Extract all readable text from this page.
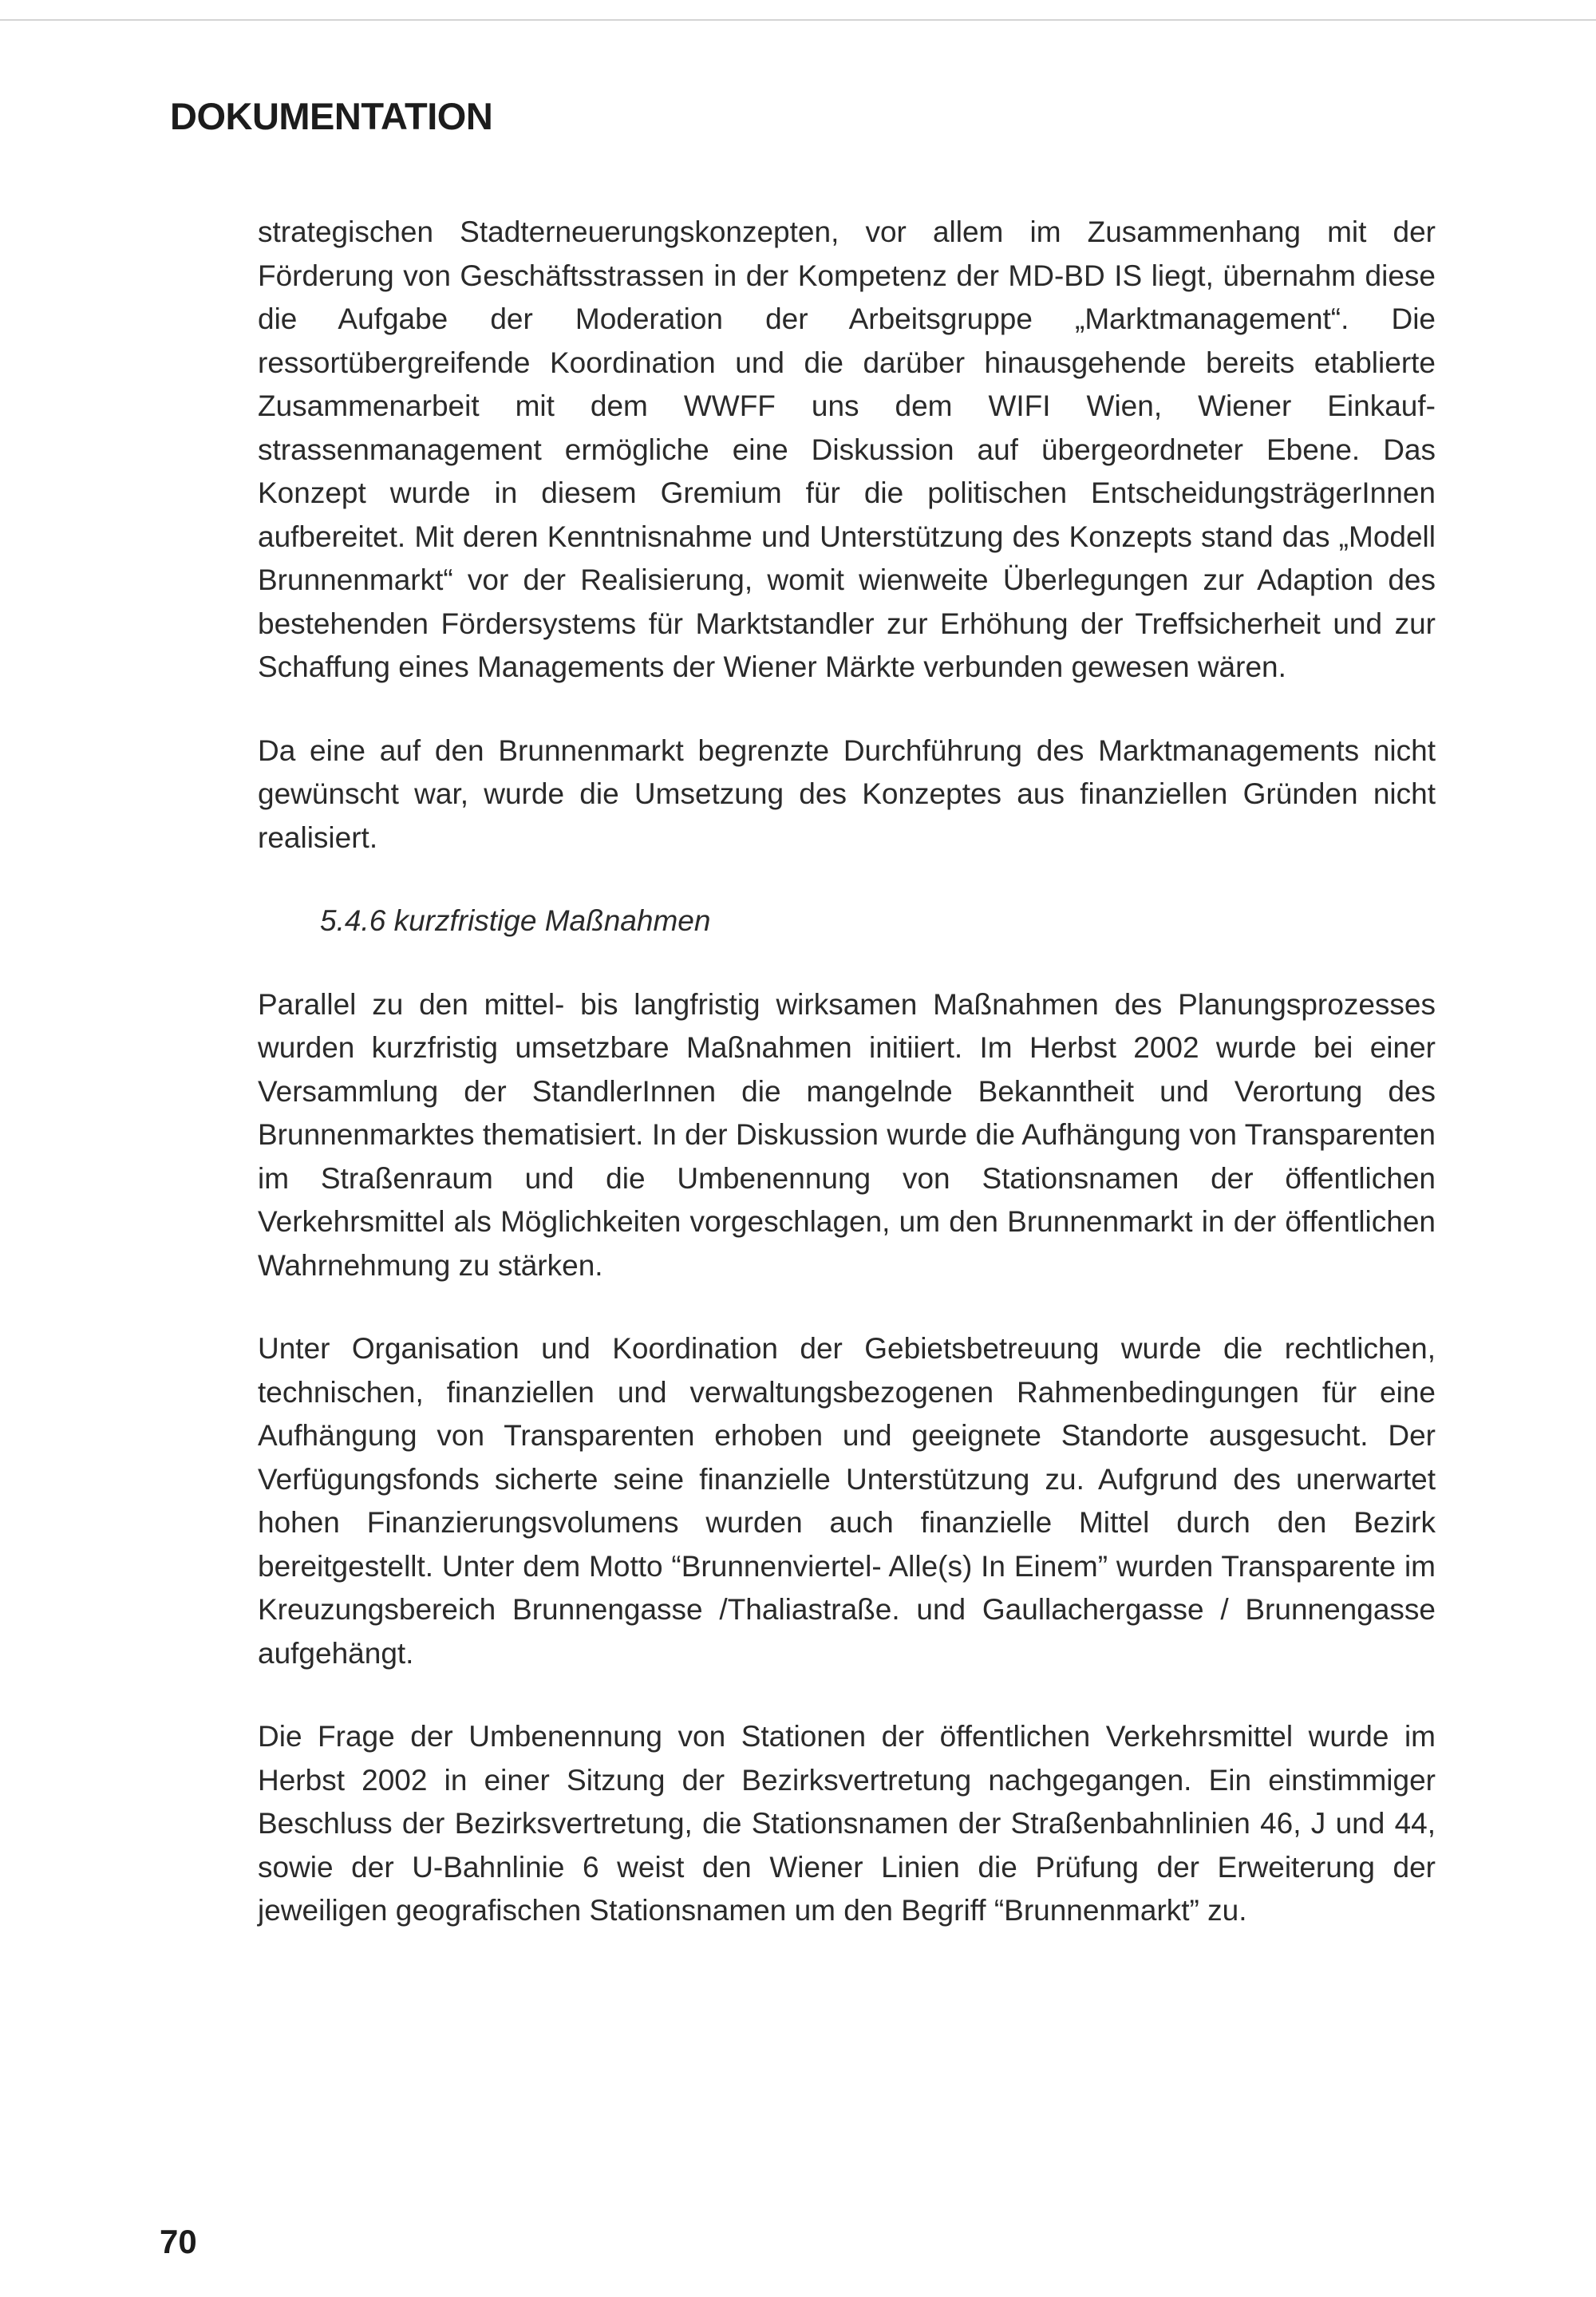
DOKUMENTATION

strategischen Stadterneuerungskonzepten, vor allem im Zusammenhang mit der Förderung von Geschäftsstrassen in der Kompetenz der MD-BD IS liegt, übernahm diese die Aufgabe der Moderation der Arbeitsgruppe „Marktmanagement“. Die ressortübergreifende Koordination und die darüber hinausgehende bereits etablierte Zusammenarbeit mit dem WWFF uns dem WIFI Wien, Wiener Einkaufstrassenmanagement ermögliche eine Diskussion auf übergeordneter Ebene. Das Konzept wurde in diesem Gremium für die politischen EntscheidungsträgerInnen aufbereitet. Mit deren Kenntnisnahme und Unterstützung des Konzepts stand das „Modell Brunnenmarkt“ vor der Realisierung, womit wienweite Überlegungen zur Adaption des bestehenden Fördersystems für Marktstandler zur Erhöhung der Treffsicherheit und zur Schaffung eines Managements der Wiener Märkte verbunden gewesen wären.

Da eine auf den Brunnenmarkt begrenzte Durchführung des Marktmanagements nicht gewünscht war, wurde die Umsetzung des Konzeptes aus finanziellen Gründen nicht realisiert.

5.4.6 kurzfristige Maßnahmen

Parallel zu den mittel- bis langfristig wirksamen Maßnahmen des Planungsprozesses wurden kurzfristig umsetzbare Maßnahmen initiiert. Im Herbst 2002 wurde bei einer Versammlung der StandlerInnen die mangelnde Bekanntheit und Verortung des Brunnenmarktes thematisiert. In der Diskussion wurde die Aufhängung von Transparenten im Straßenraum und die Umbenennung von Stationsnamen der öffentlichen Verkehrsmittel als Möglichkeiten vorgeschlagen, um den Brunnenmarkt in der öffentlichen Wahrnehmung zu stärken.

Unter Organisation und Koordination der Gebietsbetreuung wurde die rechtlichen, technischen, finanziellen und verwaltungsbezogenen Rahmenbedingungen für eine Aufhängung von Transparenten erhoben und geeignete Standorte ausgesucht. Der Verfügungsfonds sicherte seine finanzielle Unterstützung zu. Aufgrund des unerwartet hohen Finanzierungsvolumens wurden auch finanzielle Mittel durch den Bezirk bereitgestellt. Unter dem Motto “Brunnenviertel- Alle(s) In Einem” wurden Transparente im Kreuzungsbereich Brunnengasse /Thaliastraße. und Gaullachergasse / Brunnengasse aufgehängt.

Die Frage der Umbenennung von Stationen der öffentlichen Verkehrsmittel wurde im Herbst 2002 in einer Sitzung der Bezirksvertretung nachgegangen. Ein einstimmiger Beschluss der Bezirksvertretung, die Stationsnamen der Straßenbahnlinien 46, J und 44, sowie der U-Bahnlinie 6 weist den Wiener Linien die Prüfung der Erweiterung der jeweiligen geografischen Stationsnamen um den Begriff “Brunnenmarkt” zu.

70
